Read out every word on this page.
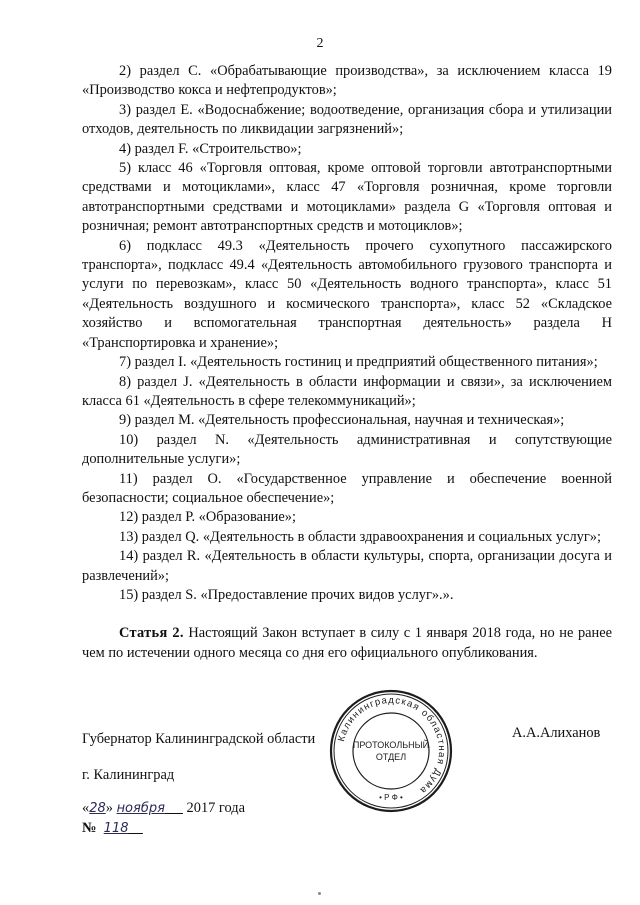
2

2) раздел С. «Обрабатывающие производства», за исключением класса 19 «Производство кокса и нефтепродуктов»;

3) раздел Е. «Водоснабжение; водоотведение, организация сбора и утилизации отходов, деятельность по ликвидации загрязнений»;

4) раздел F. «Строительство»;

5) класс 46 «Торговля оптовая, кроме оптовой торговли автотранспортными средствами и мотоциклами», класс 47 «Торговля розничная, кроме торговли автотранспортными средствами и мотоциклами» раздела G «Торговля оптовая и розничная; ремонт автотранспортных средств и мотоциклов»;

6) подкласс 49.3 «Деятельность прочего сухопутного пассажирского транспорта», подкласс 49.4 «Деятельность автомобильного грузового транспорта и услуги по перевозкам», класс 50 «Деятельность водного транспорта», класс 51 «Деятельность воздушного и космического транспорта», класс 52 «Складское хозяйство и вспомогательная транспортная деятельность» раздела Н «Транспортировка и хранение»;

7) раздел I. «Деятельность гостиниц и предприятий общественного питания»;

8) раздел J. «Деятельность в области информации и связи», за исключением класса 61 «Деятельность в сфере телекоммуникаций»;

9) раздел М. «Деятельность профессиональная, научная и техническая»;

10) раздел N. «Деятельность административная и сопутствующие дополнительные услуги»;

11) раздел О. «Государственное управление и обеспечение военной безопасности; социальное обеспечение»;

12) раздел Р. «Образование»;

13) раздел Q. «Деятельность в области здравоохранения и социальных услуг»;

14) раздел R. «Деятельность в области культуры, спорта, организации досуга и развлечений»;

15) раздел S. «Предоставление прочих видов услуг».».

Статья 2. Настоящий Закон вступает в силу с 1 января 2018 года, но не ранее чем по истечении одного месяца со дня его официального опубликования.

Губернатор Калининградской области	А.А.Алиханов
г. Калининград
«28» ноября 2017 года
№ 118
Калининградская областная Дума
ПРОТОКОЛЬНЫЙ
ОТДЕЛ
• Р Ф •
